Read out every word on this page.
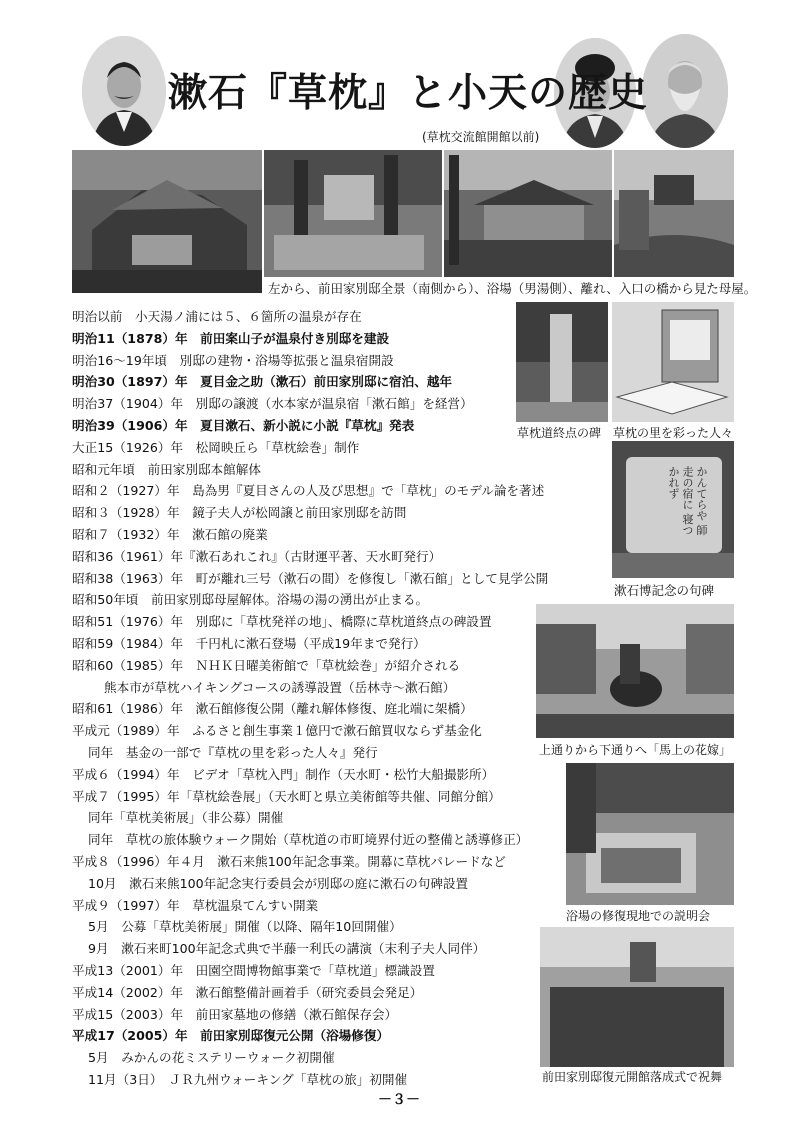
漱石『草枕』と小天の歴史
(草枕交流館開館以前)
左から、前田家別邸全景（南側から）、浴場（男湯側）、離れ、入口の橋から見た母屋。
草枕道終点の碑 草枕の里を彩った人々
かんてらや 師走の宿に 寝つかれず
漱石博記念の句碑
上通りから下通りへ「馬上の花嫁」
浴場の修復現地での説明会
前田家別邸復元開館落成式で祝舞
明治以前　小天湯ノ浦には５、６箇所の温泉が存在
明治11（1878）年　前田案山子が温泉付き別邸を建設
明治16～19年頃　別邸の建物・浴場等拡張と温泉宿開設
明治30（1897）年　夏目金之助（漱石）前田家別邸に宿泊、越年
明治37（1904）年　別邸の譲渡（水本家が温泉宿「漱石館」を経営）
明治39（1906）年　夏目漱石、新小説に小説『草枕』発表
大正15（1926）年　松岡映丘ら「草枕絵巻」制作
昭和元年頃　前田家別邸本館解体
昭和２（1927）年　島為男『夏目さんの人及び思想』で「草枕」のモデル論を著述
昭和３（1928）年　鏡子夫人が松岡譲と前田家別邸を訪問
昭和７（1932）年　漱石館の廃業
昭和36（1961）年『漱石あれこれ』（古財運平著、天水町発行）
昭和38（1963）年　町が離れ三号（漱石の間）を修復し「漱石館」として見学公開
昭和50年頃　前田家別邸母屋解体。浴場の湯の湧出が止まる。
昭和51（1976）年　別邸に「草枕発祥の地」、橋際に草枕道終点の碑設置
昭和59（1984）年　千円札に漱石登場（平成19年まで発行）
昭和60（1985）年　ＮＨＫ日曜美術館で「草枕絵巻」が紹介される
熊本市が草枕ハイキングコースの誘導設置（岳林寺～漱石館）
昭和61（1986）年　漱石館修復公開（離れ解体修復、庭北端に架橋）
平成元（1989）年　ふるさと創生事業１億円で漱石館買収ならず基金化
同年　基金の一部で『草枕の里を彩った人々』発行
平成６（1994）年　ビデオ「草枕入門」制作（天水町・松竹大船撮影所）
平成７（1995）年「草枕絵巻展」（天水町と県立美術館等共催、同館分館）
同年「草枕美術展」（非公募）開催
同年　草枕の旅体験ウォーク開始（草枕道の市町境界付近の整備と誘導修正）
平成８（1996）年４月　漱石来熊100年記念事業。開幕に草枕パレードなど
10月　漱石来熊100年記念実行委員会が別邸の庭に漱石の句碑設置
平成９（1997）年　草枕温泉てんすい開業
5月　公募「草枕美術展」開催（以降、隔年10回開催）
9月　漱石来町100年記念式典で半藤一利氏の講演（末利子夫人同伴）
平成13（2001）年　田園空間博物館事業で「草枕道」標識設置
平成14（2002）年　漱石館整備計画着手（研究委員会発足）
平成15（2003）年　前田家墓地の修繕（漱石館保存会）
平成17（2005）年　前田家別邸復元公開（浴場修復）
5月　みかんの花ミステリーウォーク初開催
11月（3日）　ＪＲ九州ウォーキング「草枕の旅」初開催
－３－
